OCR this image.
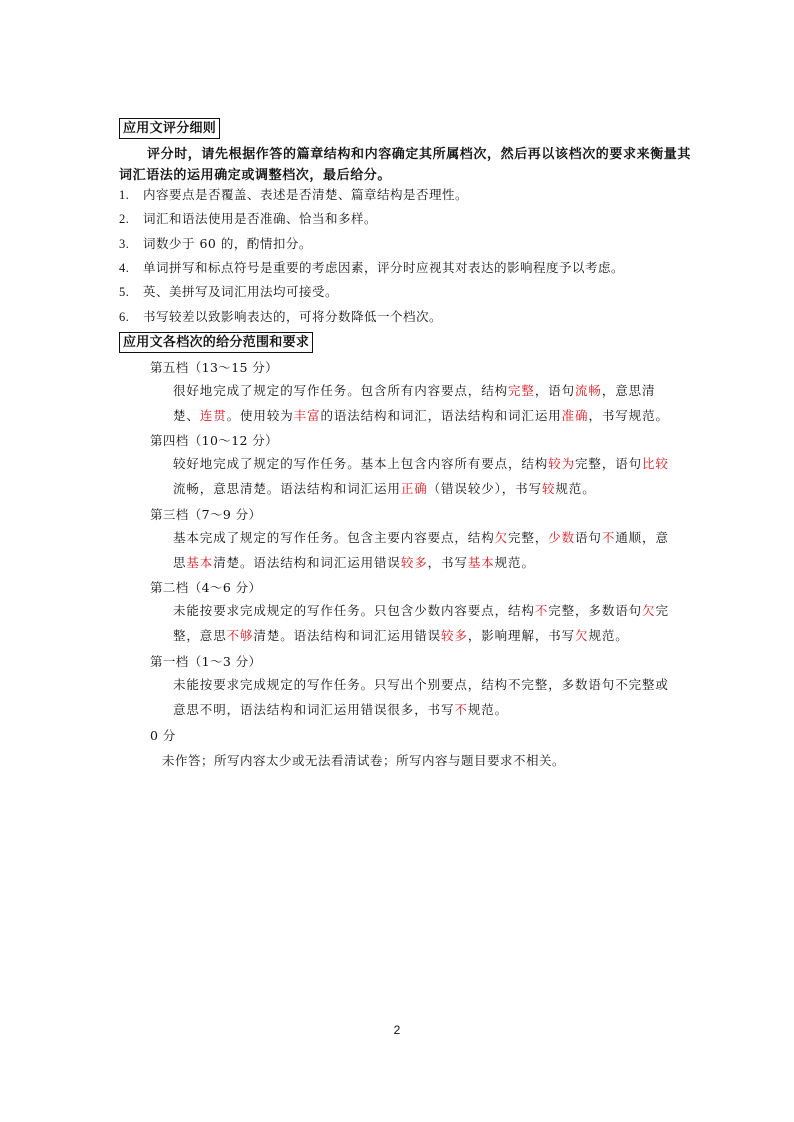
应用文评分细则
评分时，请先根据作答的篇章结构和内容确定其所属档次，然后再以该档次的要求来衡量其词汇语法的运用确定或调整档次，最后给分。
1. 内容要点是否覆盖、表述是否清楚、篇章结构是否理性。
2. 词汇和语法使用是否准确、恰当和多样。
3. 词数少于 60 的，酌情扣分。
4. 单词拼写和标点符号是重要的考虑因素，评分时应视其对表达的影响程度予以考虑。
5. 英、美拼写及词汇用法均可接受。
6. 书写较差以致影响表达的，可将分数降低一个档次。
应用文各档次的给分范围和要求
第五档（13～15 分）
很好地完成了规定的写作任务。包含所有内容要点，结构完整，语句流畅，意思清楚、连贯。使用较为丰富的语法结构和词汇，语法结构和词汇运用准确，书写规范。
第四档（10～12 分）
较好地完成了规定的写作任务。基本上包含内容所有要点，结构较为完整，语句比较流畅，意思清楚。语法结构和词汇运用正确（错误较少），书写较规范。
第三档（7～9 分）
基本完成了规定的写作任务。包含主要内容要点，结构欠完整，少数语句不通顺，意思基本清楚。语法结构和词汇运用错误较多，书写基本规范。
第二档（4～6 分）
未能按要求完成规定的写作任务。只包含少数内容要点，结构不完整，多数语句欠完整，意思不够清楚。语法结构和词汇运用错误较多，影响理解，书写欠规范。
第一档（1～3 分）
未能按要求完成规定的写作任务。只写出个别要点，结构不完整，多数语句不完整或意思不明，语法结构和词汇运用错误很多，书写不规范。
0 分
未作答；所写内容太少或无法看清试卷；所写内容与题目要求不相关。
2
